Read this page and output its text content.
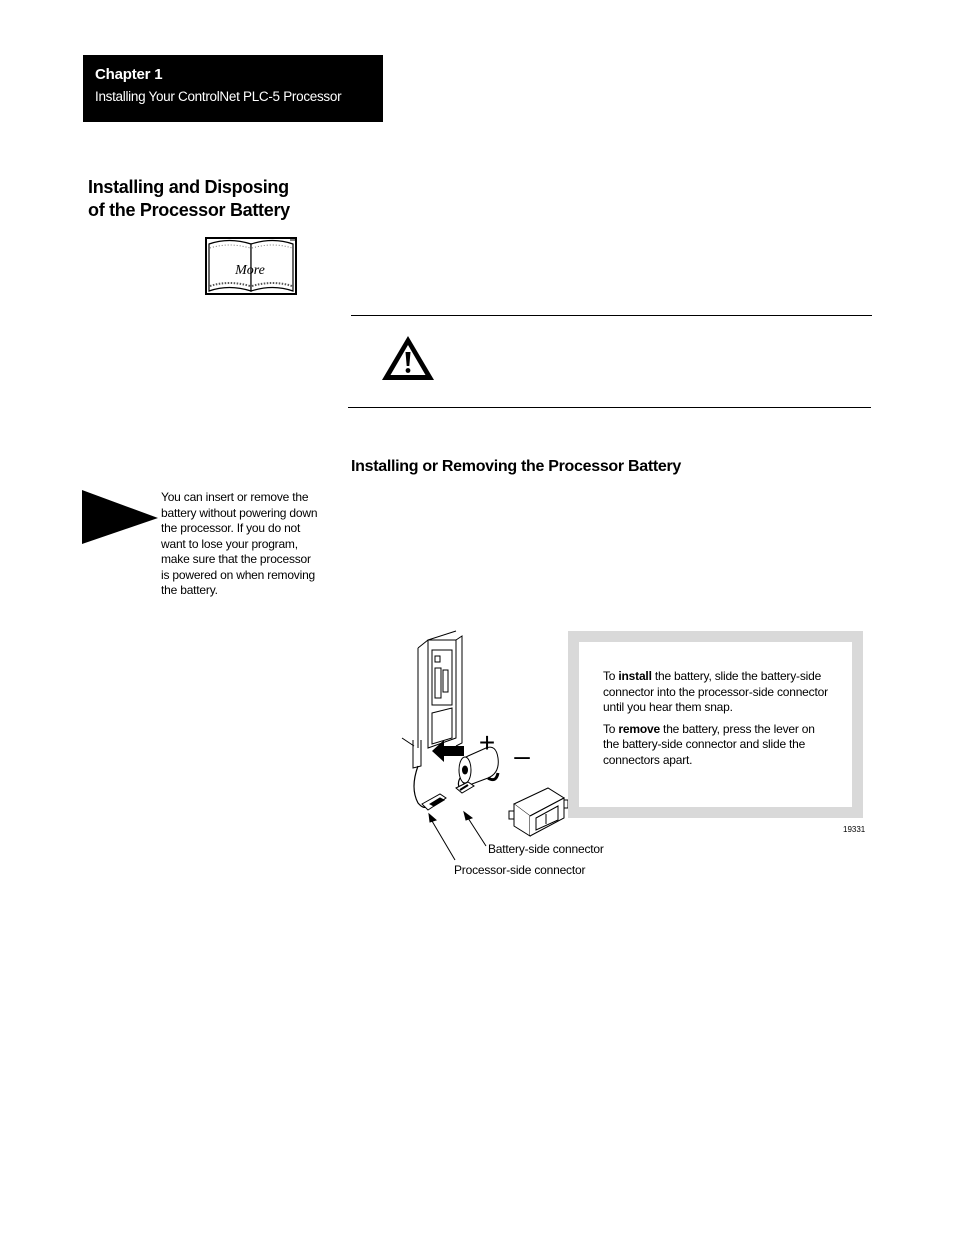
Chapter 1
Installing Your ControlNet PLC-5 Processor
Installing and Disposing
of the Processor Battery
More
Installing or Removing the Processor Battery
You can insert or remove the
battery without powering down
the processor. If you do not
want to lose your program,
make sure that the processor
is powered on when removing
the battery.
+ –

To install the battery, slide the battery-side connector into the processor-side connector until you hear them snap.

To remove the battery, press the lever on the battery-side connector and slide the connectors apart.

19331
Battery-side connector
Processor-side connector
